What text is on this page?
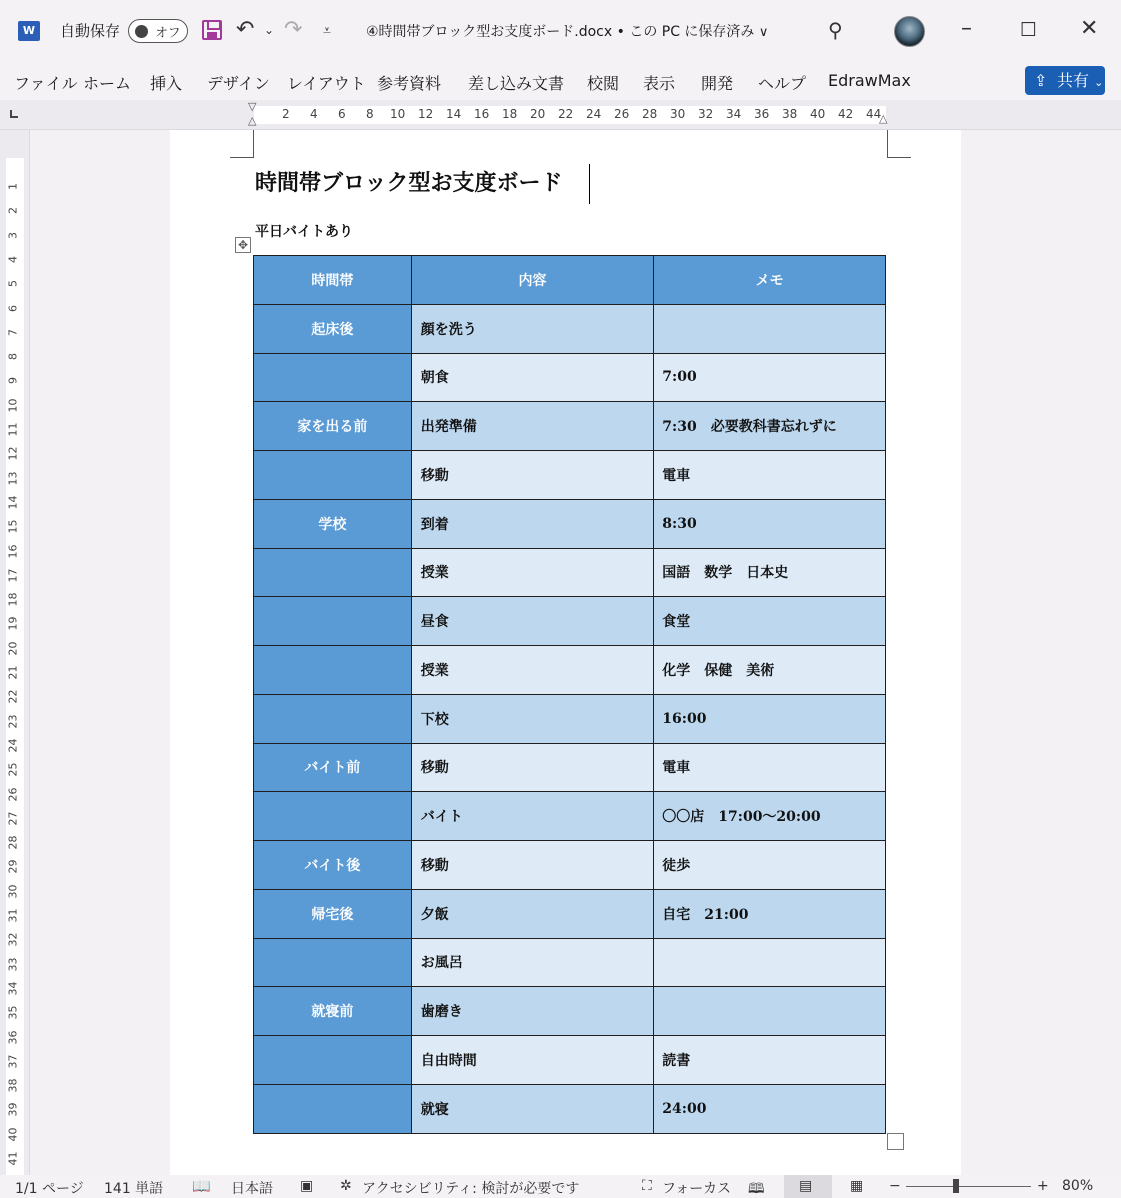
W	自動保存	オフ	↶ ⌄ ↷ ⩡	④時間帯ブロック型お支度ボード.docx • この PC に保存済み ∨	⚲	–	☐ ✕
ファイル ホーム 挿入 デザイン レイアウト 参考資料 差し込み文書 校閲 表示 開発 ヘルプ EdrawMax	⇪ 共有 ⌄
2 4 6 8 10 12 14 16 18 20 22 24 26 28 30 32 34 36 38 40 42 44
▽
△	△
1
2
3
4
5
6
7
8
9
10
11
12
13
14
15
16
17
18
19
20
21
22
23
24
25
26
27
28
29
30
31
32
33
34
35
36
37
38
39
40
41
時間帯ブロック型お支度ボード
平日バイトあり
✥
時間帯	内容	メモ
起床後	顔を洗う	
	朝食	7:00
家を出る前	出発準備	7:30　必要教科書忘れずに
	移動	電車
学校	到着	8:30
	授業	国語　数学　日本史
	昼食	食堂
	授業	化学　保健　美術
	下校	16:00
バイト前	移動	電車
	バイト	〇〇店　17:00～20:00
バイト後	移動	徒歩
帰宅後	夕飯	自宅　21:00
	お風呂	
就寝前	歯磨き	
	自由時間	読書
	就寝	24:00
1/1 ページ 141 単語 📖 日本語 ▣ ✲ アクセシビリティ: 検討が必要です	⛶ フォーカス 🕮 ▤	▦ −	+ 80%
